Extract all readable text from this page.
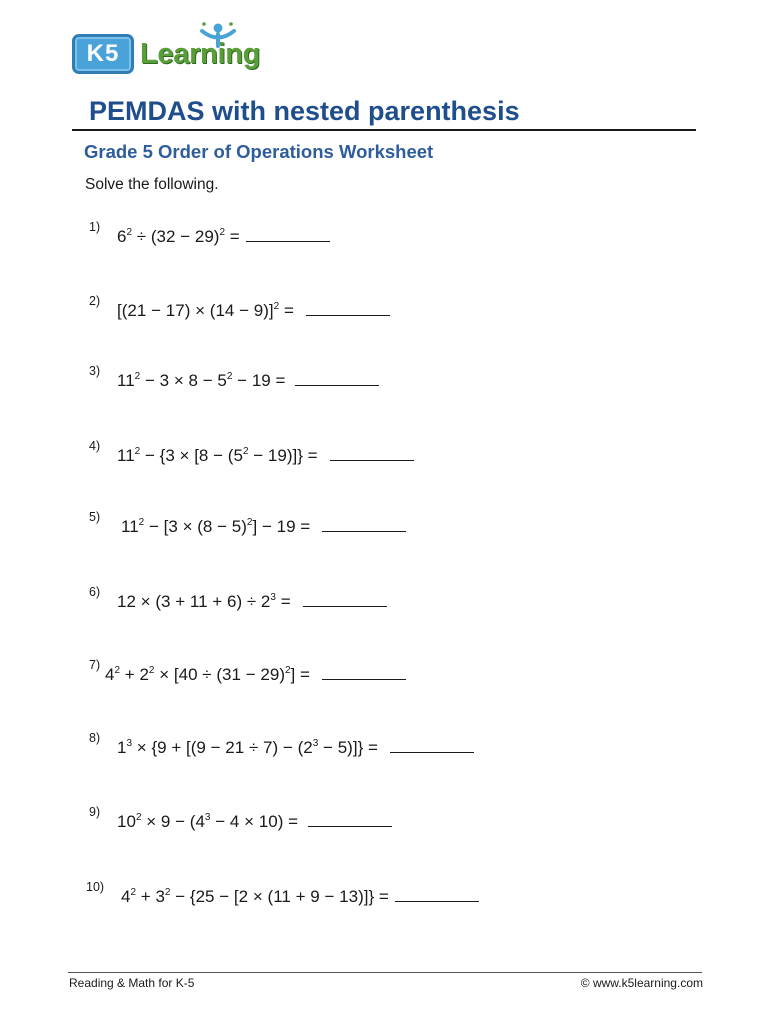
K5 Learning
PEMDAS with nested parenthesis
Grade 5 Order of Operations Worksheet
Solve the following.
1) $6^2 \div (32 - 29)^2$ =
2) $[(21 - 17) \times (14 - 9)]^2$ =
3) $11^2 - 3 \times 8 - 5^2 - 19$ =
4) $11^2 - \{3 \times [8 - (5^2 - 19)]\}$ =
5) $11^2 - [3 \times (8 - 5)^2] - 19$ =
6) $12 \times (3 + 11 + 6) \div 2^3$ =
7) $4^2 + 2^2 \times [40 \div (31 - 29)^2]$ =
8) $1^3 \times \{9 + [(9 - 21 \div 7) - (2^3 - 5)]\}$ =
9) $10^2 \times 9 - (4^3 - 4 \times 10)$ =
10) $4^2 + 3^2 - \{25 - [2 \times (11 + 9 - 13)]\}$ =
Reading & Math for K-5	© www.k5learning.com
